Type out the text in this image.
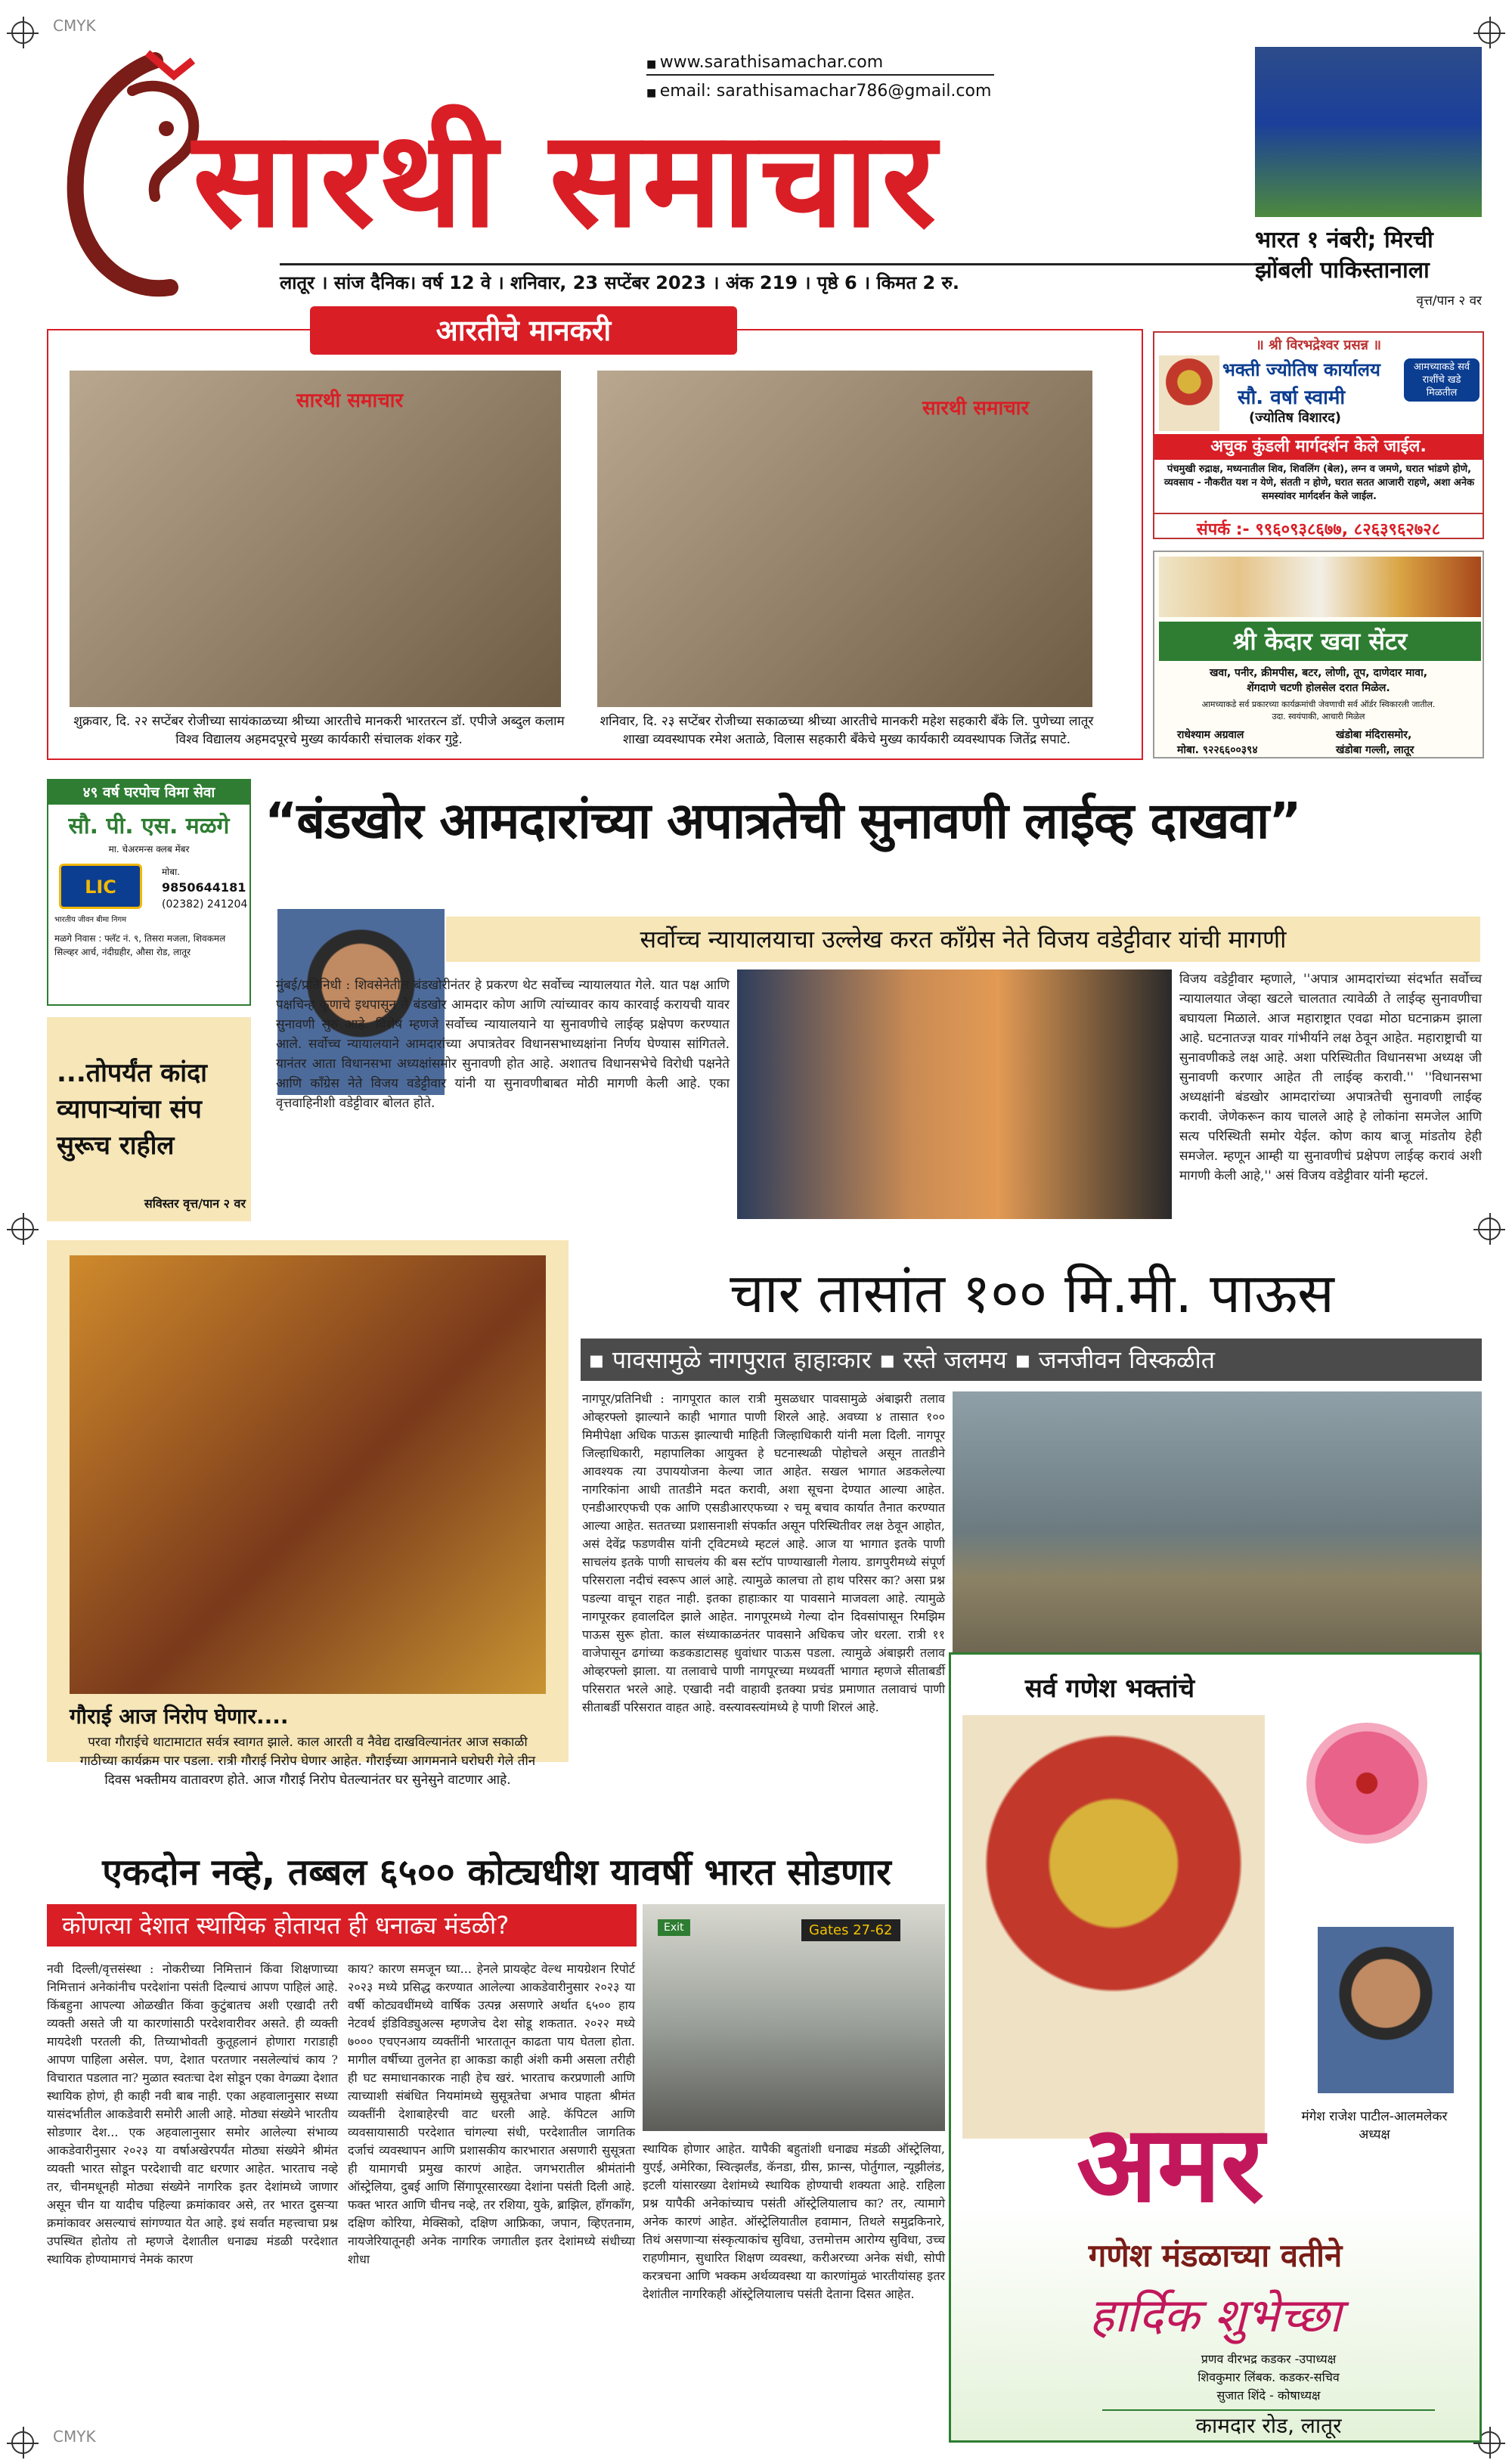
CMYK
CMYK
■ www.sarathisamachar.com
■ email: sarathisamachar786@gmail.com
सारथी समाचार
लातूर । सांज दैनिक। वर्ष 12 वे । शनिवार, 23 सप्टेंबर 2023 । अंक 219 । पृष्ठे 6 । किमत 2 रु.
भारत १ नंबरी; मिरची झोंबली पाकिस्तानाला
वृत्त/पान २ वर
आरतीचे मानकरी
सारथी समाचार	सारथी समाचार
शुक्रवार, दि. २२ सप्टेंबर रोजीच्या सायंकाळच्या श्रीच्या आरतीचे मानकरी भारतरत्न डॉ. एपीजे अब्दुल कलाम विश्व विद्यालय अहमदपूरचे मुख्य कार्यकारी संचालक शंकर गुट्टे.
शनिवार, दि. २३ सप्टेंबर रोजीच्या सकाळच्या श्रीच्या आरतीचे मानकरी महेश सहकारी बँके लि. पुणेच्या लातूर शाखा व्यवस्थापक रमेश अताळे, विलास सहकारी बँकेचे मुख्य कार्यकारी व्यवस्थापक जितेंद्र सपाटे.
॥ श्री विरभद्रेश्वर प्रसन्न ॥
भक्ती ज्योतिष कार्यालय
सौ. वर्षा स्वामी
(ज्योतिष विशारद)
आमच्याकडे सर्व राशींचे खडे मिळतील
अचुक कुंडली मार्गदर्शन केले जाईल.
पंचमुखी रुद्राक्ष, मध्यनातील शिव, शिवलिंग (बेल), लग्न व जमणे, घरात भांडणे होणे, व्यवसाय - नौकरीत यश न येणे, संतती न होणे, घरात सतत आजारी राहणे, अशा अनेक समस्यांवर मार्गदर्शन केले जाईल.
संपर्क :- ९९६०९३८६७७, ८२६३९६२७२८
श्री केदार खवा सेंटर
खवा, पनीर, क्रीमपीस, बटर, लोणी, तूप, दाणेदार मावा,
शेंगदाणे चटणी होलसेल दरात मिळेल.
आमच्याकडे सर्व प्रकारच्या कार्यक्रमांची जेवणाची सर्व ऑर्डर स्विकारली जातील.
उदा. स्वयंपाकी, आचारी मिळेल
राधेश्याम अग्रवाल
मोबा. ९२२६६००३९४
खंडोबा मंदिरासमोर,
खंडोबा गल्ली, लातूर
४९ वर्ष घरपोच विमा सेवा
सौ. पी. एस. मळगे
मा. चेअरमन्स क्लब मेंबर
LIC
भारतीय जीवन बीमा निगम
मोबा.
9850644181
(02382) 241204
मळगे निवास : फ्लॅट नं. ९, तिसरा मजला, शिवकमल सिल्व्हर आर्च, नंदीग्रहीर, औसा रोड, लातूर
...तोपर्यंत कांदा व्यापाऱ्यांचा संप सुरूच राहील
सविस्तर वृत्त/पान २ वर
“बंडखोर आमदारांच्या अपात्रतेची सुनावणी लाईव्ह दाखवा”
सर्वोच्च न्यायालयाचा उल्लेख करत काँग्रेस नेते विजय वडेट्टीवार यांची मागणी
मुंबई/प्रतिनिधी : शिवसेनेतील बंडखोरीनंतर हे प्रकरण थेट सर्वोच्च न्यायालयात गेले. यात पक्ष आणि पक्षचिन्ह कुणाचे इथपासून ते बंडखोर आमदार कोण आणि त्यांच्यावर काय कारवाई करायची यावर सुनावणी सुरु आहे. विशेष म्हणजे सर्वोच्च न्यायालयाने या सुनावणीचे लाईव्ह प्रक्षेपण करण्यात आले. सर्वोच्च न्यायालयाने आमदारांच्या अपात्रतेवर विधानसभाध्यक्षांना निर्णय घेण्यास सांगितले. यानंतर आता विधानसभा अध्यक्षांसमोर सुनावणी होत आहे. अशातच विधानसभेचे विरोधी पक्षनेते आणि काँग्रेस नेते विजय वडेट्टीवार यांनी या सुनावणीबाबत मोठी मागणी केली आहे. एका वृत्तवाहिनीशी वडेट्टीवार बोलत होते.
विजय वडेट्टीवार म्हणाले, ''अपात्र आमदारांच्या संदर्भात सर्वोच्च न्यायालयात जेव्हा खटले चालतात त्यावेळी ते लाईव्ह सुनावणीचा बघायला मिळाले. आज महाराष्ट्रात एवढा मोठा घटनाक्रम झाला आहे. घटनातज्ज्ञ यावर गांभीर्याने लक्ष ठेवून आहेत. महाराष्ट्राची या सुनावणीकडे लक्ष आहे. अशा परिस्थितीत विधानसभा अध्यक्ष जी सुनावणी करणार आहेत ती लाईव्ह करावी.'' ''विधानसभा अध्यक्षांनी बंडखोर आमदारांच्या अपात्रतेची सुनावणी लाईव्ह करावी. जेणेकरून काय चालले आहे हे लोकांना समजेल आणि सत्य परिस्थिती समोर येईल. कोण काय बाजू मांडतोय हेही समजेल. म्हणून आम्ही या सुनावणीचं प्रक्षेपण लाईव्ह करावं अशी मागणी केली आहे,'' असं विजय वडेट्टीवार यांनी म्हटलं.
गौराई आज निरोप घेणार....
परवा गौराईचे थाटामाटात सर्वत्र स्वागत झाले. काल आरती व नैवेद्य दाखविल्यानंतर आज सकाळी गाठीच्या कार्यक्रम पार पडला. रात्री गौराई निरोप घेणार आहेत. गौराईच्या आगमनाने घरोघरी गेले तीन दिवस भक्तीमय वातावरण होते. आज गौराई निरोप घेतल्यानंतर घर सुनेसुने वाटणार आहे.
चार तासांत १०० मि.मी. पाऊस
▪ पावसामुळे नागपुरात हाहाःकार ▪ रस्ते जलमय ▪ जनजीवन विस्कळीत
नागपूर/प्रतिनिधी : नागपूरात काल रात्री मुसळधार पावसामुळे अंबाझरी तलाव ओव्हरफ्लो झाल्याने काही भागात पाणी शिरले आहे. अवघ्या ४ तासात १०० मिमीपेक्षा अधिक पाऊस झाल्याची माहिती जिल्हाधिकारी यांनी मला दिली. नागपूर जिल्हाधिकारी, महापालिका आयुक्त हे घटनास्थळी पोहोचले असून तातडीने आवश्यक त्या उपाययोजना केल्या जात आहेत. सखल भागात अडकलेल्या नागरिकांना आधी तातडीने मदत करावी, अशा सूचना देण्यात आल्या आहेत. एनडीआरएफची एक आणि एसडीआरएफच्या २ चमू बचाव कार्यात तैनात करण्यात आल्या आहेत. सततच्या प्रशासनाशी संपर्कात असून परिस्थितीवर लक्ष ठेवून आहोत, असं देवेंद्र फडणवीस यांनी ट्विटमध्ये म्हटलं आहे. आज या भागात इतके पाणी साचलंय इतके पाणी साचलंय की बस स्टॉप पाण्याखाली गेलाय. डागपुरीमध्ये संपूर्ण परिसराला नदीचं स्वरूप आलं आहे. त्यामुळे कालचा तो हाथ परिसर का? असा प्रश्न पडल्या वाचून राहत नाही. इतका हाहाःकार या पावसाने माजवला आहे. त्यामुळे नागपूरकर हवालदिल झाले आहेत. नागपूरमध्ये गेल्या दोन दिवसांपासून रिमझिम पाऊस सुरू होता. काल संध्याकाळनंतर पावसाने अधिकच जोर धरला. रात्री ११ वाजेपासून ढगांच्या कडकडाटासह धुवांधार पाऊस पडला. त्यामुळे अंबाझरी तलाव ओव्हरफ्लो झाला. या तलावाचे पाणी नागपूरच्या मध्यवर्ती भागात म्हणजे सीताबर्डी परिसरात भरले आहे. एखादी नदी वाहावी इतक्या प्रचंड प्रमाणात तलावाचं पाणी सीताबर्डी परिसरात वाहत आहे. वस्त्यावस्त्यांमध्ये हे पाणी शिरलं आहे.
सर्व गणेश भक्तांचे
मंगेश राजेश पाटील-आलमलेकर
अध्यक्ष
अमर
गणेश मंडळाच्या वतीने
हार्दिक शुभेच्छा
प्रणव वीरभद्र कडकर -उपाध्यक्ष
शिवकुमार लिंबक. कडकर-सचिव
सुजात शिंदे - कोषाध्यक्ष
कामदार रोड, लातूर
एकदोन नव्हे, तब्बल ६५०० कोट्यधीश यावर्षी भारत सोडणार
कोणत्या देशात स्थायिक होतायत ही धनाढ्य मंडळी?	Exit	Gates 27-62
नवी दिल्ली/वृत्तसंस्था : नोकरीच्या निमित्तानं किंवा शिक्षणाच्या निमित्तानं अनेकांनीच परदेशांना पसंती दिल्याचं आपण पाहिलं आहे. किंबहुना आपल्या ओळखीत किंवा कुटुंबातच अशी एखादी तरी व्यक्ती असते जी या कारणांसाठी परदेशवारीवर असते. ही व्यक्ती मायदेशी परतली की, तिच्याभोवती कुतूहलानं होणारा गराडाही आपण पाहिला असेल. पण, देशात परतणार नसलेल्यांचं काय ? विचारात पडलात ना? मुळात स्वतःचा देश सोडून एका वेगळ्या देशात स्थायिक होणं, ही काही नवी बाब नाही. एका अहवालानुसार सध्या यासंदर्भातील आकडेवारी समोरी आली आहे. मोठ्या संख्येने भारतीय सोडणार देश... एक अहवालानुसार समोर आलेल्या संभाव्य आकडेवारीनुसार २०२३ या वर्षाअखेरपर्यंत मोठ्या संख्येने श्रीमंत व्यक्ती भारत सोडून परदेशाची वाट धरणार आहेत. भारताच नव्हे तर, चीनमधूनही मोठ्या संख्येने नागरिक इतर देशांमध्ये जाणार असून चीन या यादीच पहिल्या क्रमांकावर असे, तर भारत दुसऱ्या क्रमांकावर असल्याचं सांगण्यात येत आहे. इथं सर्वात महत्त्वाचा प्रश्न उपस्थित होतोय तो म्हणजे देशातील धनाढ्य मंडळी परदेशात स्थायिक होण्यामागचं नेमकं कारण
काय? कारण समजून घ्या... हेनले प्रायव्हेट वेल्थ मायग्रेशन रिपोर्ट २०२३ मध्ये प्रसिद्ध करण्यात आलेल्या आकडेवारीनुसार २०२३ या वर्षी कोट्यवधींमध्ये वार्षिक उत्पन्न असणारे अर्थात ६५०० हाय नेटवर्थ इंडिविड्युअल्स म्हणजेच देश सोडू शकतात. २०२२ मध्ये ७००० एचएनआय व्यक्तींनी भारतातून काढता पाय घेतला होता. मागील वर्षीच्या तुलनेत हा आकडा काही अंशी कमी असला तरीही ही घट समाधानकारक नाही हेच खरं. भारताच करप्रणाली आणि त्याच्याशी संबंधित नियमांमध्ये सुसूत्रतेचा अभाव पाहता श्रीमंत व्यक्तींनी देशाबाहेरची वाट धरली आहे. कॅपिटल आणि व्यवसायासाठी परदेशात चांगल्या संधी, परदेशातील जागतिक दर्जाचं व्यवस्थापन आणि प्रशासकीय कारभारात असणारी सुसूत्रता ही यामागची प्रमुख कारणं आहेत. जगभरातील श्रीमंतांनी ऑस्ट्रेलिया, दुबई आणि सिंगापूरसारख्या देशांना पसंती दिली आहे. फक्त भारत आणि चीनच नव्हे, तर रशिया, युके, ब्राझिल, हॉंगकॉंग, दक्षिण कोरिया, मेक्सिको, दक्षिण आफ्रिका, जपान, व्हिएतनाम, नायजेरियातूनही अनेक नागरिक जगातील इतर देशांमध्ये संधीच्या शोधा
स्थायिक होणार आहेत. यापैकी बहुतांशी धनाढ्य मंडळी ऑस्ट्रेलिया, युएई, अमेरिका, स्वित्झर्लंड, कॅनडा, ग्रीस, फ्रान्स, पोर्तुगाल, न्यूझीलंड, इटली यांसारख्या देशांमध्ये स्थायिक होण्याची शक्यता आहे. राहिला प्रश्न यापैकी अनेकांच्याच पसंती ऑस्ट्रेलियालाच का? तर, त्यामागे अनेक कारणं आहेत. ऑस्ट्रेलियातील हवामान, तिथले समुद्रकिनारे, तिथं असणाऱ्या संस्कृत्याकांच सुविधा, उत्तमोत्तम आरोग्य सुविधा, उच्च राहणीमान, सुधारित शिक्षण व्यवस्था, करीअरच्या अनेक संधी, सोपी करत्रचना आणि भक्कम अर्थव्यवस्था या कारणांमुळं भारतीयांसह इतर देशांतील नागरिकही ऑस्ट्रेलियालाच पसंती देताना दिसत आहेत.
